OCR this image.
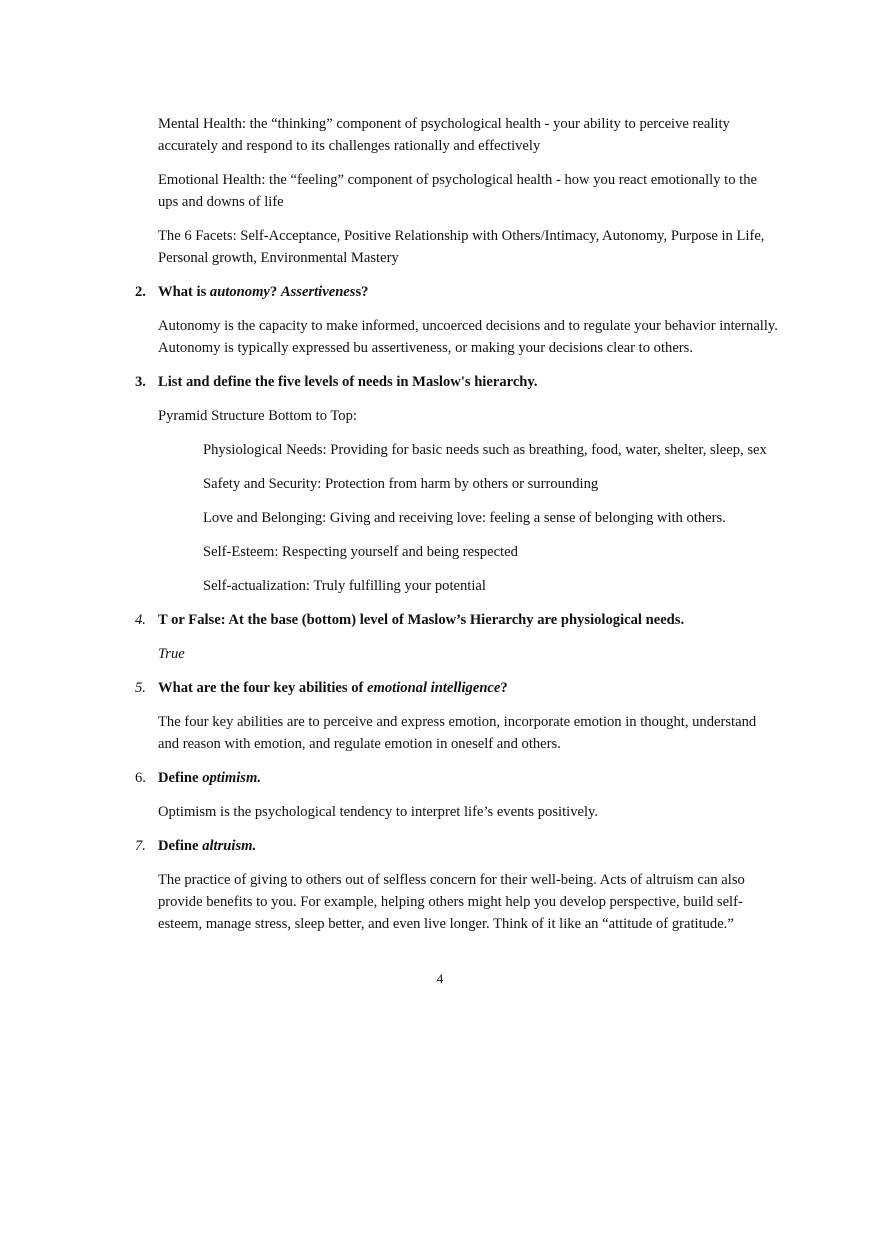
Mental Health: the “thinking” component of psychological health - your ability to perceive reality accurately and respond to its challenges rationally and effectively

Emotional Health: the “feeling” component of psychological health - how you react emotionally to the ups and downs of life

The 6 Facets: Self-Acceptance, Positive Relationship with Others/Intimacy, Autonomy, Purpose in Life, Personal growth, Environmental Mastery

2. What is autonomy? Assertiveness?

Autonomy is the capacity to make informed, uncoerced decisions and to regulate your behavior internally. Autonomy is typically expressed bu assertiveness, or making your decisions clear to others.

3. List and define the five levels of needs in Maslow's hierarchy.

Pyramid Structure Bottom to Top:

Physiological Needs: Providing for basic needs such as breathing, food, water, shelter, sleep, sex

Safety and Security: Protection from harm by others or surrounding

Love and Belonging: Giving and receiving love: feeling a sense of belonging with others.

Self-Esteem: Respecting yourself and being respected

Self-actualization: Truly fulfilling your potential

4. T or False: At the base (bottom) level of Maslow’s Hierarchy are physiological needs.

True

5. What are the four key abilities of emotional intelligence?

The four key abilities are to perceive and express emotion, incorporate emotion in thought, understand and reason with emotion, and regulate emotion in oneself and others.

6. Define optimism.

Optimism is the psychological tendency to interpret life’s events positively.

7. Define altruism.

The practice of giving to others out of selfless concern for their well-being. Acts of altruism can also provide benefits to you. For example, helping others might help you develop perspective, build self-esteem, manage stress, sleep better, and even live longer. Think of it like an “attitude of gratitude.”

4
